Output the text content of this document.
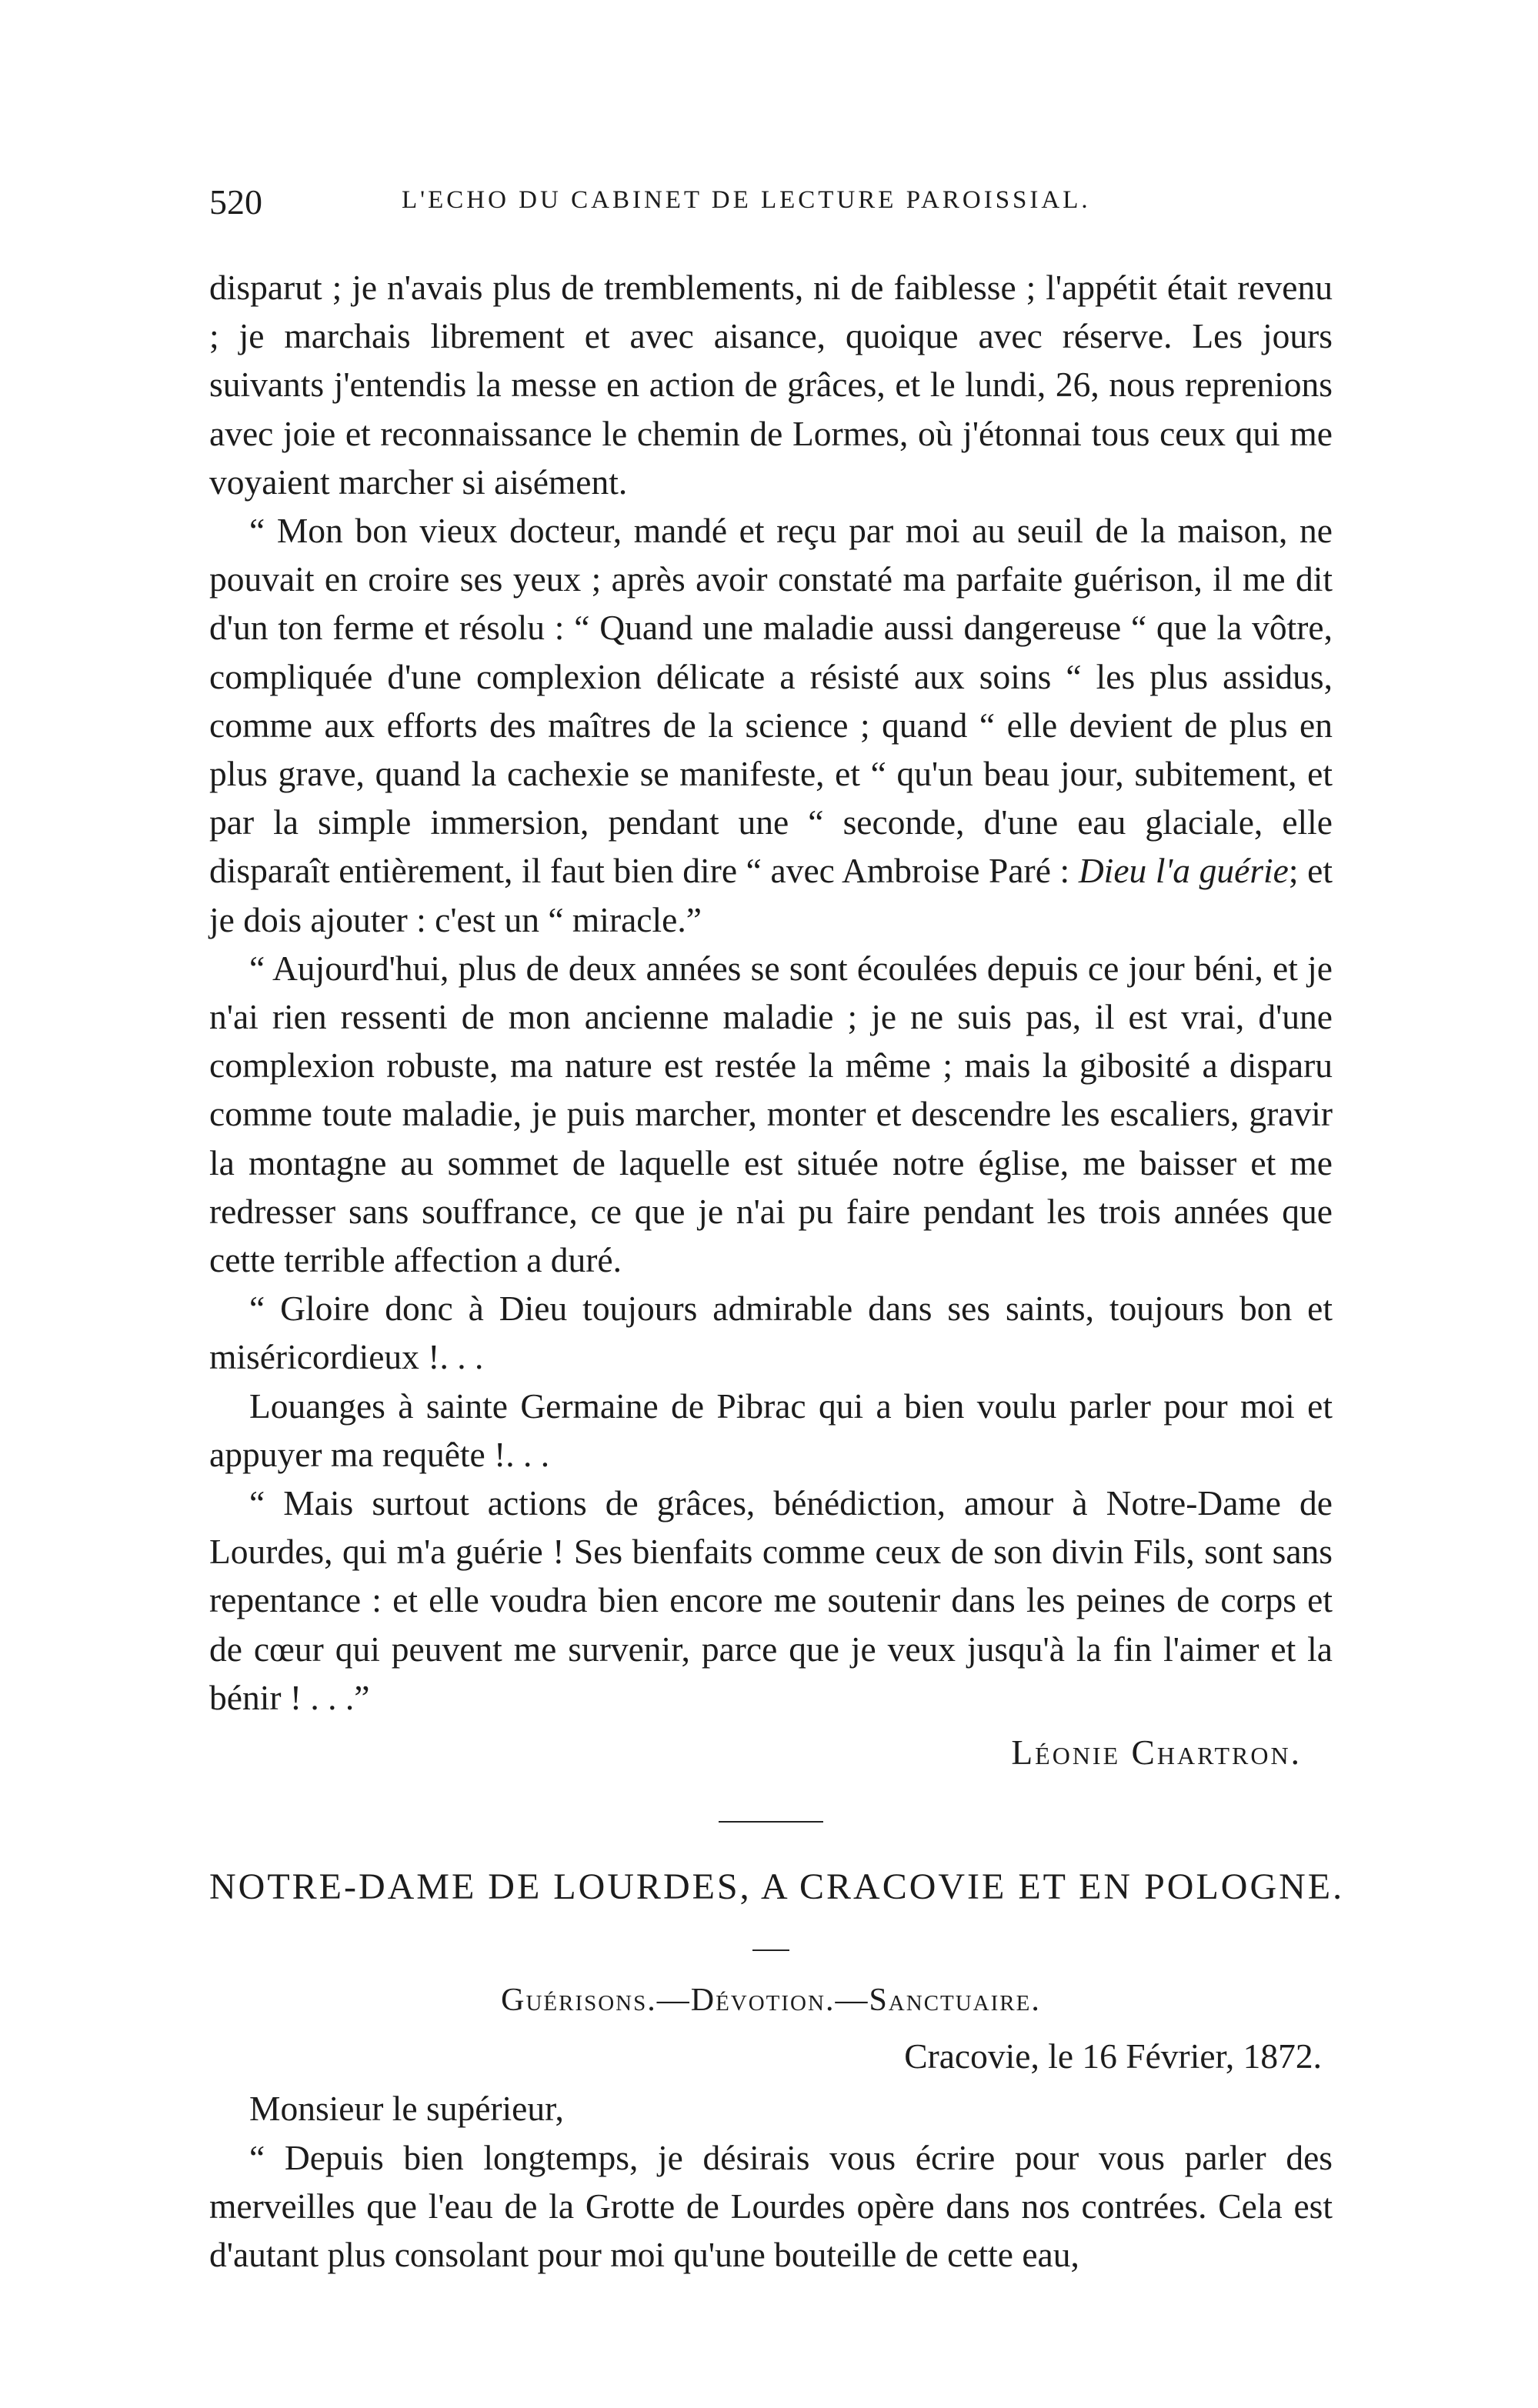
520	L'ECHO DU CABINET DE LECTURE PAROISSIAL.

disparut ; je n'avais plus de tremblements, ni de faiblesse ; l'appétit était revenu ; je marchais librement et avec aisance, quoique avec réserve. Les jours suivants j'entendis la messe en action de grâces, et le lundi, 26, nous reprenions avec joie et reconnaissance le chemin de Lormes, où j'étonnai tous ceux qui me voyaient marcher si aisément.

“ Mon bon vieux docteur, mandé et reçu par moi au seuil de la maison, ne pouvait en croire ses yeux ; après avoir constaté ma parfaite guérison, il me dit d'un ton ferme et résolu : “ Quand une maladie aussi dangereuse “ que la vôtre, compliquée d'une complexion délicate a résisté aux soins “ les plus assidus, comme aux efforts des maîtres de la science ; quand “ elle devient de plus en plus grave, quand la cachexie se manifeste, et “ qu'un beau jour, subitement, et par la simple immersion, pendant une “ seconde, d'une eau glaciale, elle disparaît entièrement, il faut bien dire “ avec Ambroise Paré : Dieu l'a guérie; et je dois ajouter : c'est un “ miracle.”

“ Aujourd'hui, plus de deux années se sont écoulées depuis ce jour béni, et je n'ai rien ressenti de mon ancienne maladie ; je ne suis pas, il est vrai, d'une complexion robuste, ma nature est restée la même ; mais la gibosité a disparu comme toute maladie, je puis marcher, monter et descendre les escaliers, gravir la montagne au sommet de laquelle est située notre église, me baisser et me redresser sans souffrance, ce que je n'ai pu faire pendant les trois années que cette terrible affection a duré.

“ Gloire donc à Dieu toujours admirable dans ses saints, toujours bon et miséricordieux !. . .

Louanges à sainte Germaine de Pibrac qui a bien voulu parler pour moi et appuyer ma requête !. . .

“ Mais surtout actions de grâces, bénédiction, amour à Notre-Dame de Lourdes, qui m'a guérie ! Ses bienfaits comme ceux de son divin Fils, sont sans repentance : et elle voudra bien encore me soutenir dans les peines de corps et de cœur qui peuvent me survenir, parce que je veux jusqu'à la fin l'aimer et la bénir ! . . .”

Léonie Chartron.

NOTRE-DAME DE LOURDES, A CRACOVIE ET EN POLOGNE.
Guérisons.—Dévotion.—Sanctuaire.
Cracovie, le 16 Février, 1872.

Monsieur le supérieur,

“ Depuis bien longtemps, je désirais vous écrire pour vous parler des merveilles que l'eau de la Grotte de Lourdes opère dans nos contrées. Cela est d'autant plus consolant pour moi qu'une bouteille de cette eau,
